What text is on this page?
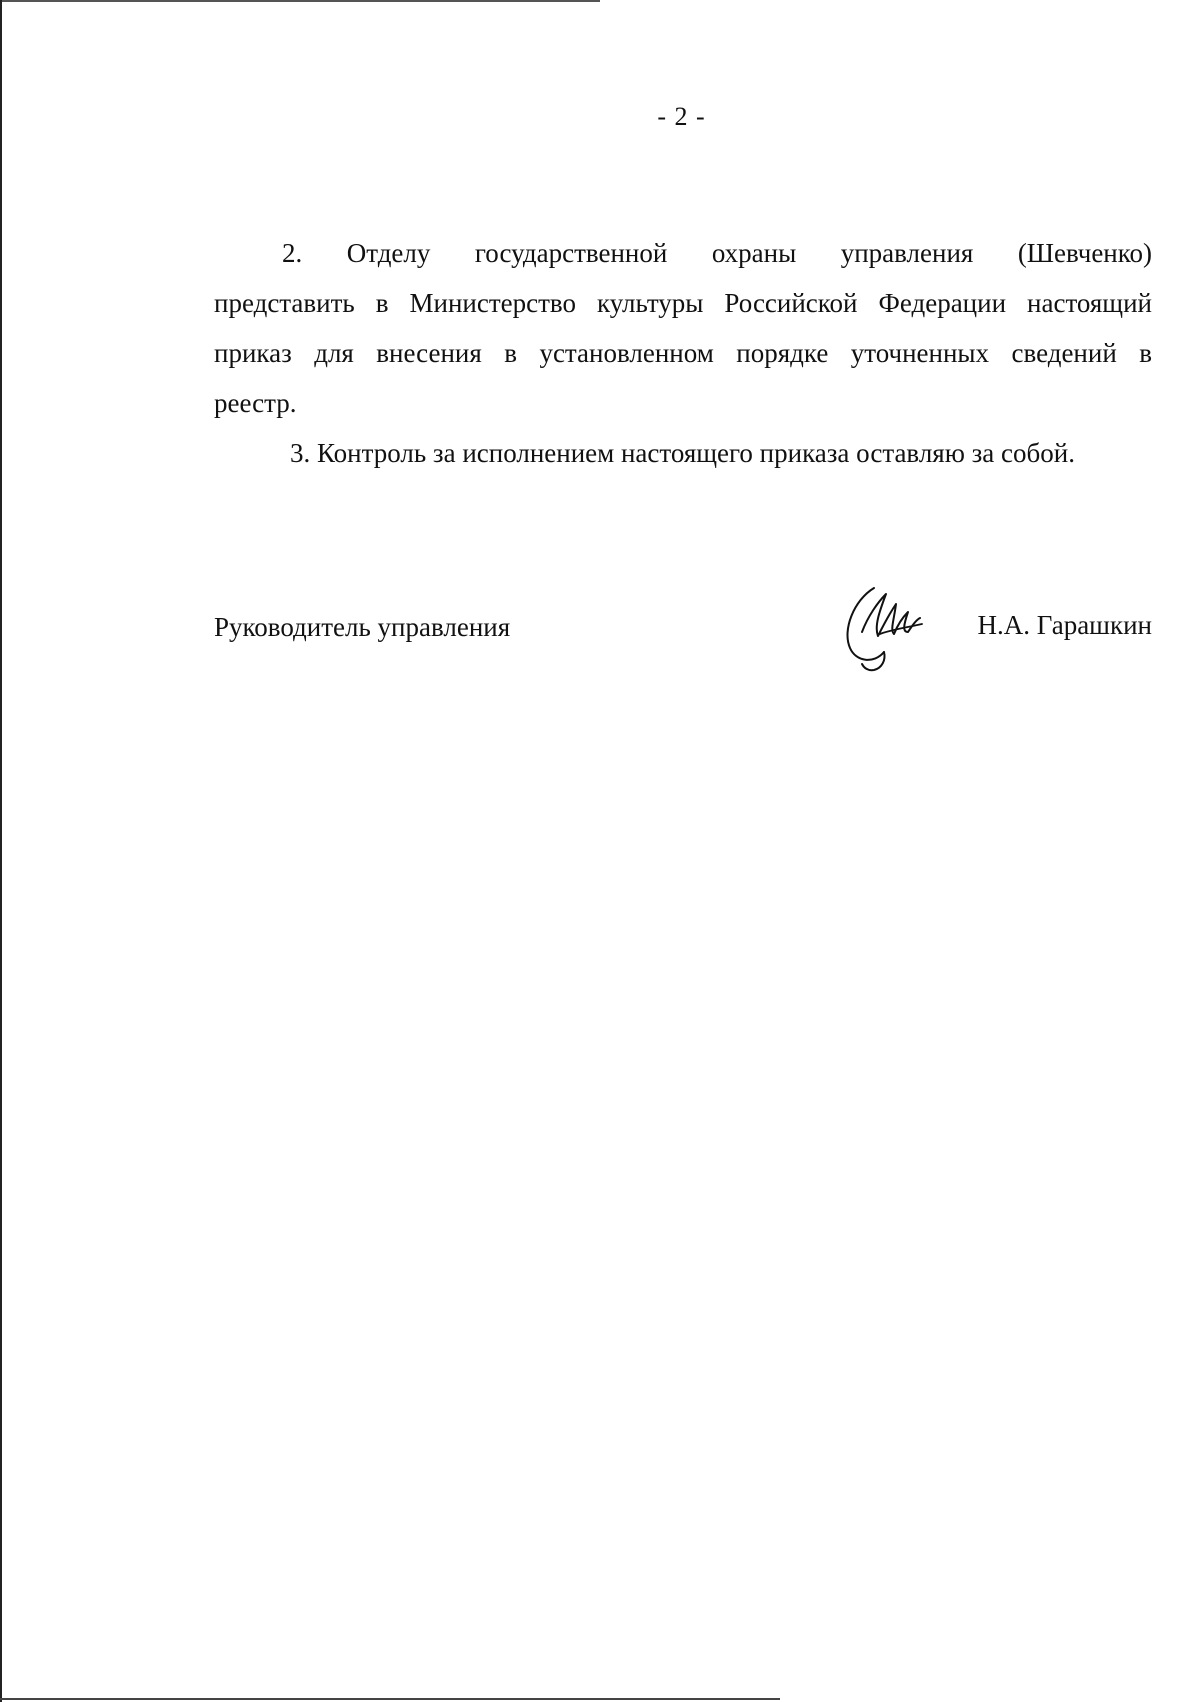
- 2 -

2. Отделу государственной охраны управления (Шевченко) представить в Министерство культуры Российской Федерации настоящий приказ для внесения в установленном порядке уточненных сведений в реестр.

3. Контроль за исполнением настоящего приказа оставляю за собой.

Руководитель управления	Н.А. Гарашкин
